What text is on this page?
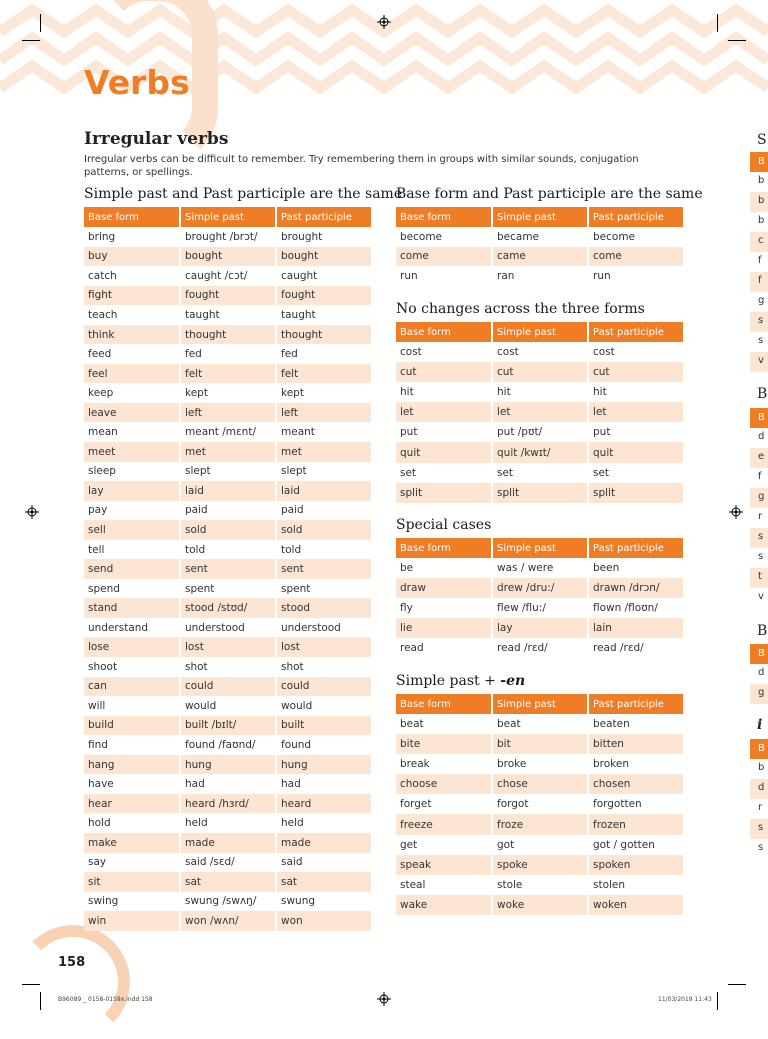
S
B
B
i
B
b
b
b
c
f
f
g
s
s
v
B
d
e
f
g
r
s
s
t
v
B
d
g
B
b
d
r
s
s
Verbs
Irregular verbs

Irregular verbs can be difficult to remember. Try remembering them in groups with similar sounds, conjugation patterns, or spellings.

Simple past and Past participle are the same
Base form and Past participle are the same
No changes across the three forms
Special cases
Simple past + -en
Base form	Simple past	Past participle
bring	brought /brɔt/	brought
buy	bought	bought
catch	caught /cɔt/	caught
fight	fought	fought
teach	taught	taught
think	thought	thought
feed	fed	fed
feel	felt	felt
keep	kept	kept
leave	left	left
mean	meant /mɛnt/	meant
meet	met	met
sleep	slept	slept
lay	laid	laid
pay	paid	paid
sell	sold	sold
tell	told	told
send	sent	sent
spend	spent	spent
stand	stood /stʊd/	stood
understand	understood	understood
lose	lost	lost
shoot	shot	shot
can	could	could
will	would	would
build	built /bɪlt/	built
find	found /faʊnd/	found
hang	hung	hung
have	had	had
hear	heard /hɜrd/	heard
hold	held	held
make	made	made
say	said /sɛd/	said
sit	sat	sat
swing	swung /swʌŋ/	swung
win	won /wʌn/	won
Base form	Simple past	Past participle
become	became	become
come	came	come
run	ran	run
Base form	Simple past	Past participle
cost	cost	cost
cut	cut	cut
hit	hit	hit
let	let	let
put	put /pʊt/	put
quit	quit /kwɪt/	quit
set	set	set
split	split	split
Base form	Simple past	Past participle
be	was / were	been
draw	drew /dru:/	drawn /drɔn/
fly	flew /flu:/	flown /floʊn/
lie	lay	lain
read	read /rɛd/	read /rɛd/
Base form	Simple past	Past participle
beat	beat	beaten
bite	bit	bitten
break	broke	broken
choose	chose	chosen
forget	forgot	forgotten
freeze	froze	frozen
get	got	got / gotten
speak	spoke	spoken
steal	stole	stolen
wake	woke	woken

158

B96089 _ 0158-0159x.indd 158	11/03/2019 11:43
